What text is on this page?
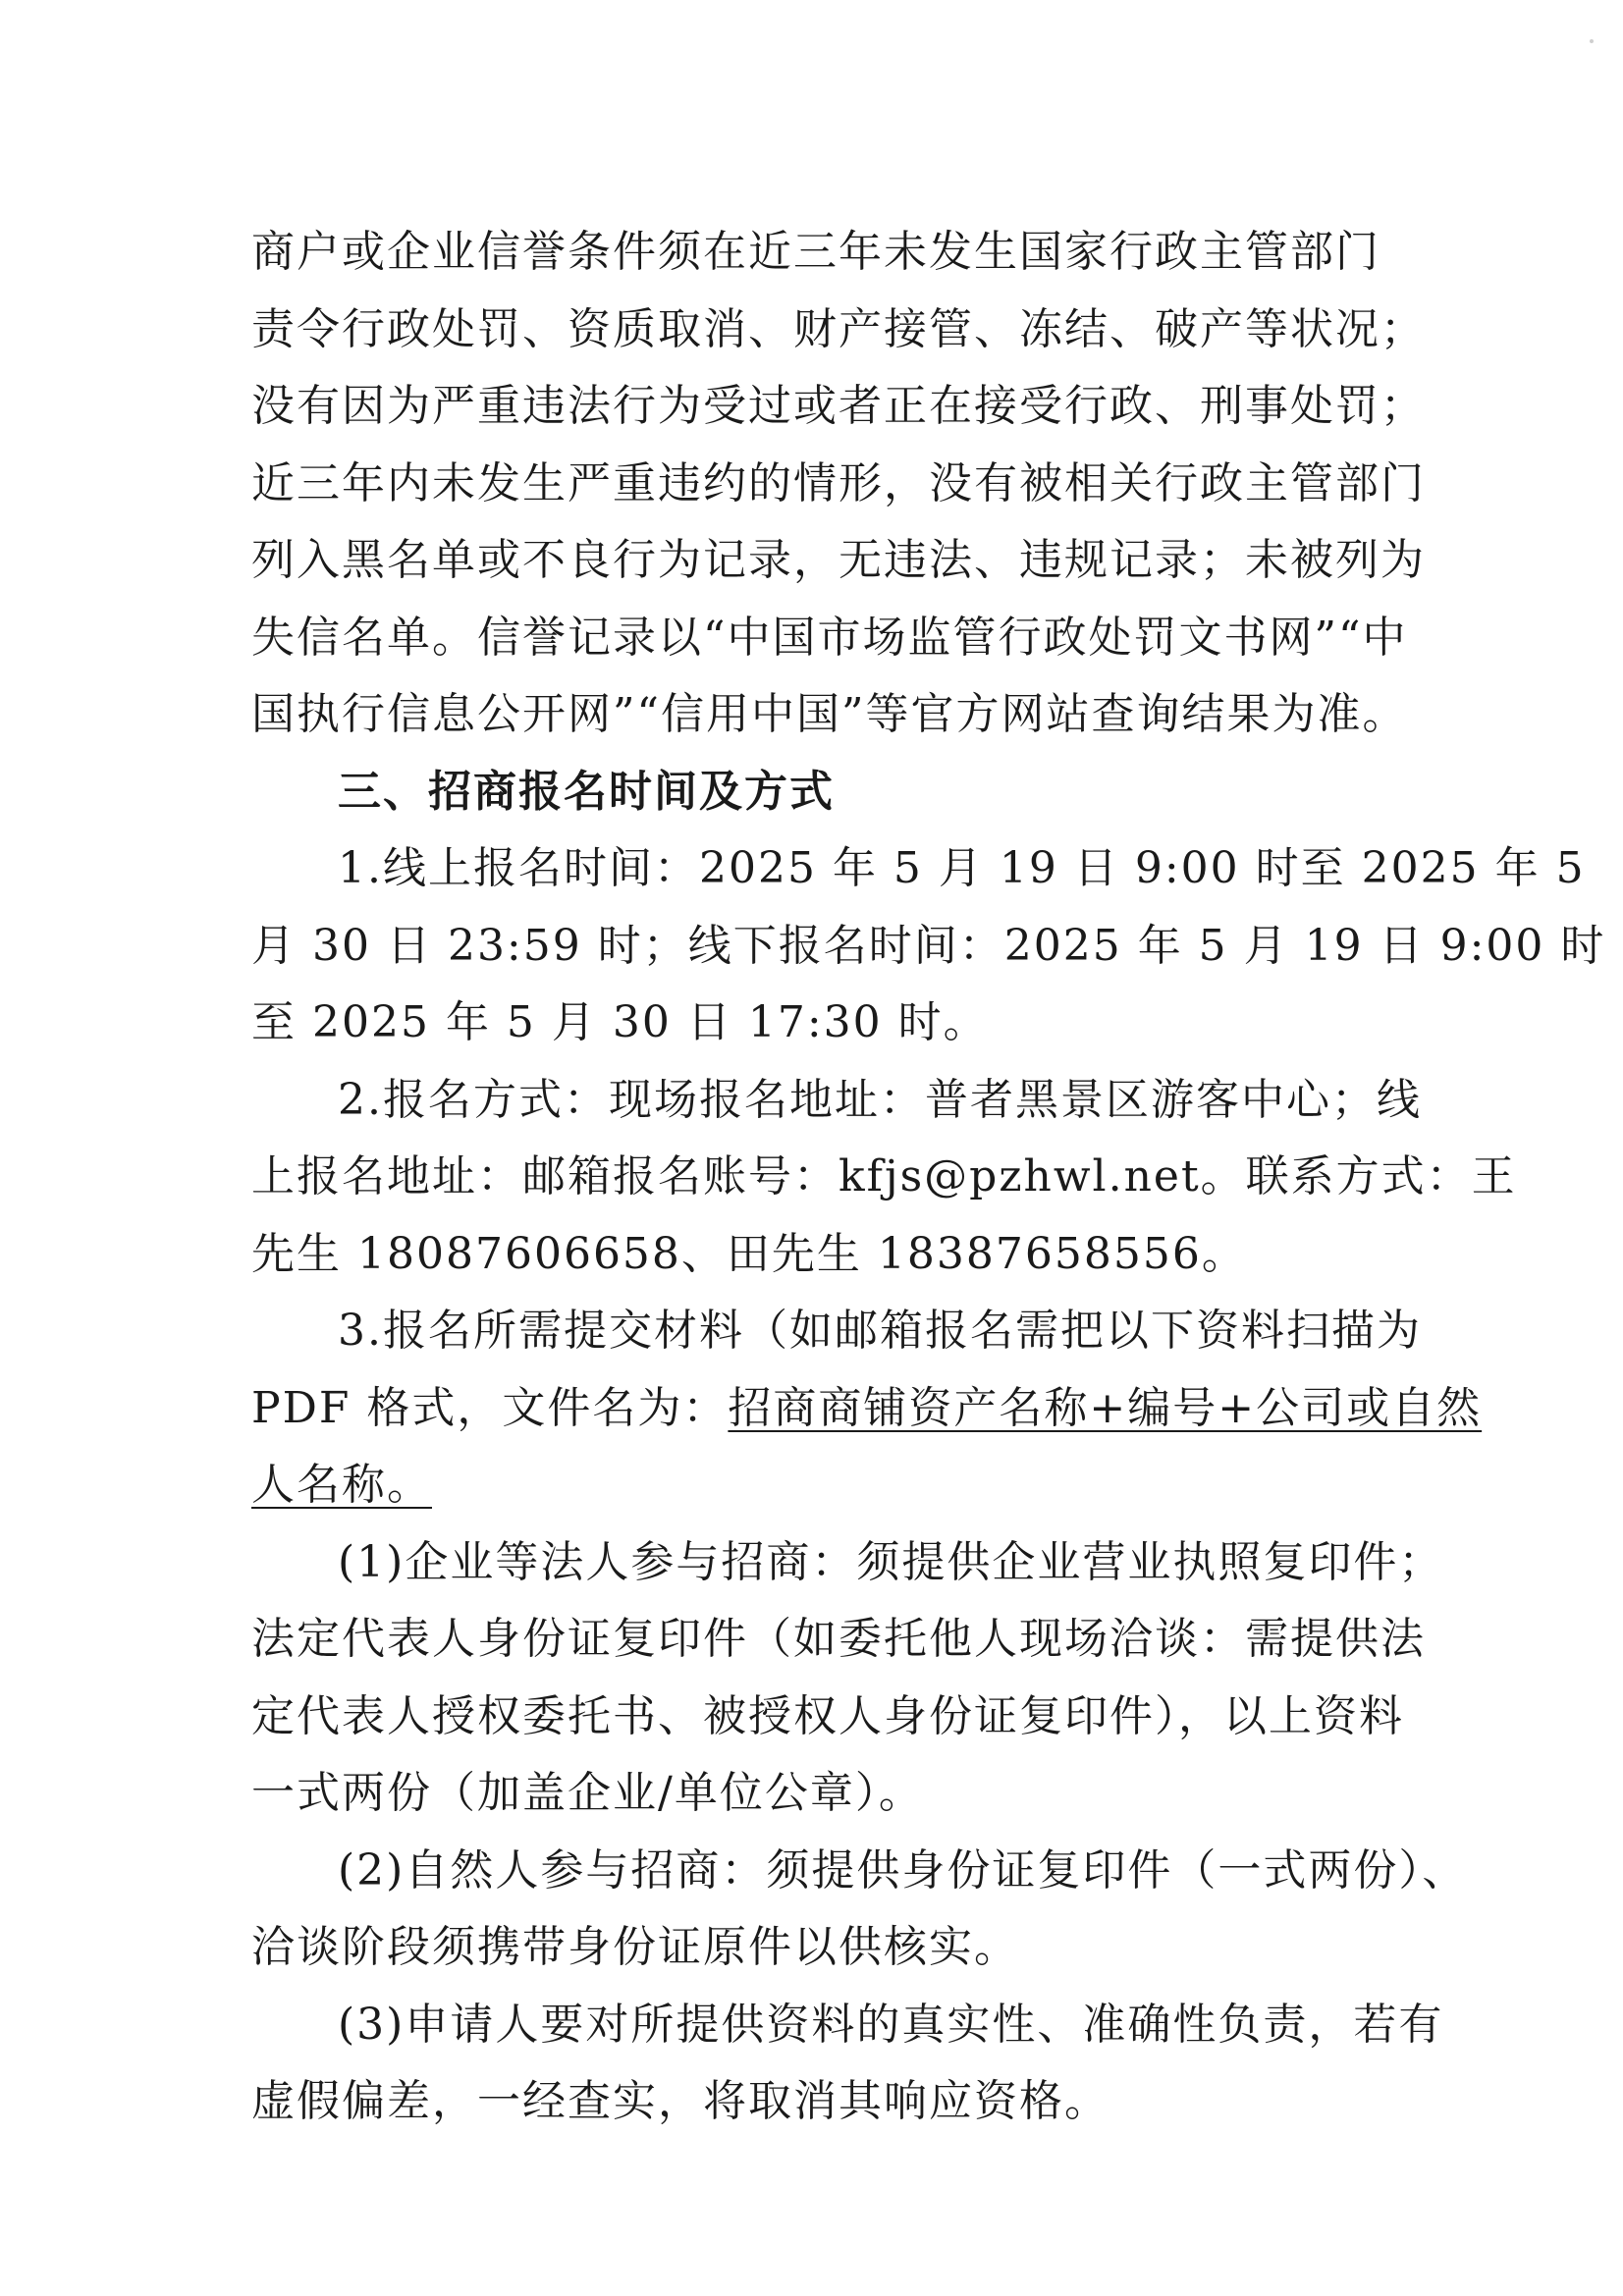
商户或企业信誉条件须在近三年未发生国家行政主管部门
责令行政处罚、资质取消、财产接管、冻结、破产等状况；
没有因为严重违法行为受过或者正在接受行政、刑事处罚；
近三年内未发生严重违约的情形，没有被相关行政主管部门
列入黑名单或不良行为记录，无违法、违规记录；未被列为
失信名单。信誉记录以“中国市场监管行政处罚文书网”“中
国执行信息公开网”“信用中国”等官方网站查询结果为准。
三、招商报名时间及方式
1.线上报名时间：2025 年 5 月 19 日 9:00 时至 2025 年 5
月 30 日 23:59 时；线下报名时间：2025 年 5 月 19 日 9:00 时
至 2025 年 5 月 30 日 17:30 时。
2.报名方式：现场报名地址：普者黑景区游客中心；线
上报名地址：邮箱报名账号：kfjs@pzhwl.net。联系方式：王
先生 18087606658、田先生 18387658556。
3.报名所需提交材料（如邮箱报名需把以下资料扫描为
PDF 格式，文件名为： 招商商铺资产名称+编号+公司或自然
人名称。
(1)企业等法人参与招商：须提供企业营业执照复印件；
法定代表人身份证复印件（如委托他人现场洽谈：需提供法
定代表人授权委托书、被授权人身份证复印件），以上资料
一式两份（加盖企业/单位公章）。
(2)自然人参与招商：须提供身份证复印件（一式两份）、
洽谈阶段须携带身份证原件以供核实。
(3)申请人要对所提供资料的真实性、准确性负责，若有
虚假偏差，一经查实，将取消其响应资格。
